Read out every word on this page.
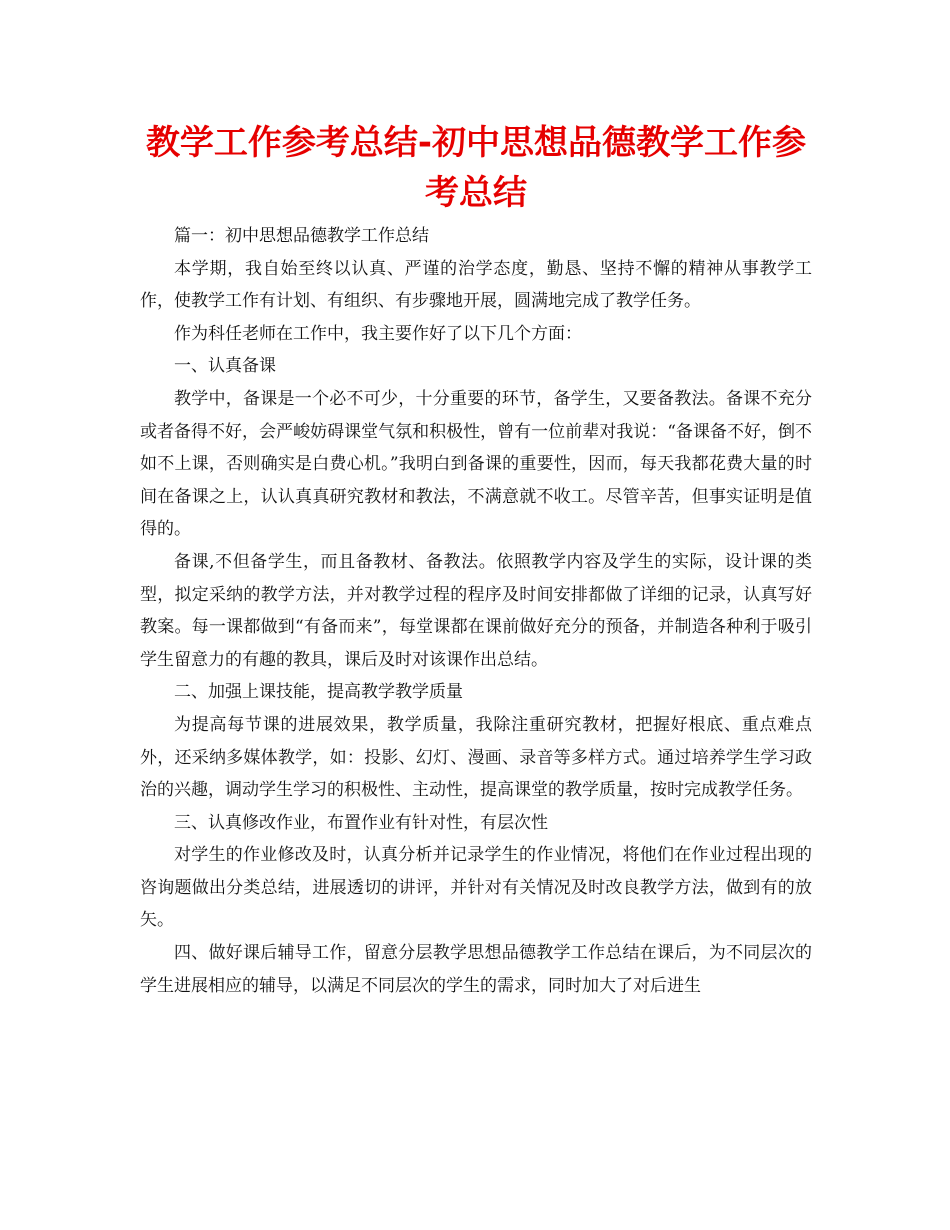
教学工作参考总结-初中思想品德教学工作参考总结

篇一：初中思想品德教学工作总结

本学期，我自始至终以认真、严谨的治学态度，勤恳、坚持不懈的精神从事教学工作，使教学工作有计划、有组织、有步骤地开展，圆满地完成了教学任务。

作为科任老师在工作中，我主要作好了以下几个方面：

一、认真备课

教学中，备课是一个必不可少，十分重要的环节，备学生，又要备教法。备课不充分或者备得不好，会严峻妨碍课堂气氛和积极性，曾有一位前辈对我说：“备课备不好，倒不如不上课，否则确实是白费心机。”我明白到备课的重要性，因而，每天我都花费大量的时间在备课之上，认认真真研究教材和教法，不满意就不收工。尽管辛苦，但事实证明是值得的。

备课,不但备学生，而且备教材、备教法。依照教学内容及学生的实际，设计课的类型，拟定采纳的教学方法，并对教学过程的程序及时间安排都做了详细的记录，认真写好教案。每一课都做到“有备而来”，每堂课都在课前做好充分的预备，并制造各种利于吸引学生留意力的有趣的教具，课后及时对该课作出总结。

二、加强上课技能，提高教学教学质量

为提高每节课的进展效果，教学质量，我除注重研究教材，把握好根底、重点难点外，还采纳多媒体教学，如：投影、幻灯、漫画、录音等多样方式。通过培养学生学习政治的兴趣，调动学生学习的积极性、主动性，提高课堂的教学质量，按时完成教学任务。

三、认真修改作业，布置作业有针对性，有层次性

对学生的作业修改及时，认真分析并记录学生的作业情况，将他们在作业过程出现的咨询题做出分类总结，进展透切的讲评，并针对有关情况及时改良教学方法，做到有的放矢。

四、做好课后辅导工作，留意分层教学思想品德教学工作总结在课后，为不同层次的学生进展相应的辅导，以满足不同层次的学生的需求，同时加大了对后进生
